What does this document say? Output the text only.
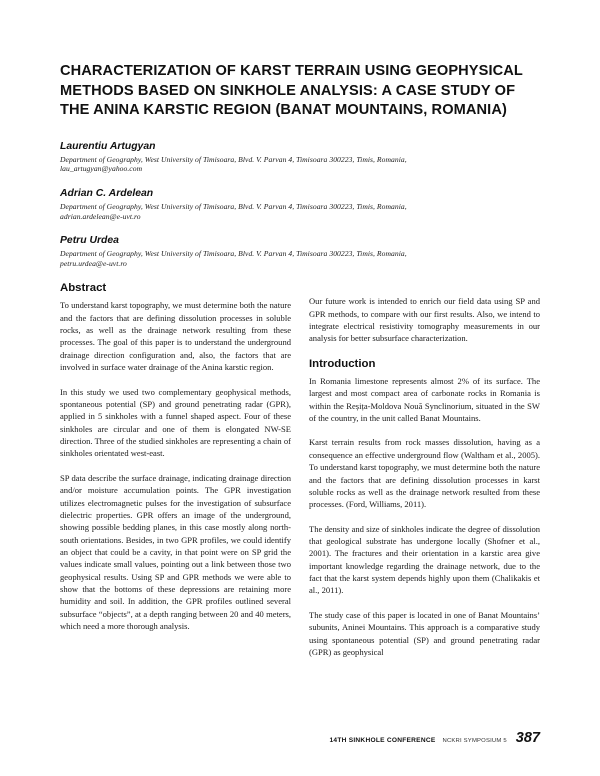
CHARACTERIZATION OF KARST TERRAIN USING GEOPHYSICAL METHODS BASED ON SINKHOLE ANALYSIS: A CASE STUDY OF THE ANINA KARSTIC REGION (BANAT MOUNTAINS, ROMANIA)
Laurentiu Artugyan
Department of Geography, West University of Timisoara, Blvd. V. Parvan 4, Timisoara 300223, Timis, Romania,
lau_artugyan@yahoo.com
Adrian C. Ardelean
Department of Geography, West University of Timisoara, Blvd. V. Parvan 4, Timisoara 300223, Timis, Romania,
adrian.ardelean@e-uvt.ro
Petru Urdea
Department of Geography, West University of Timisoara, Blvd. V. Parvan 4, Timisoara 300223, Timis, Romania,
petru.urdea@e-uvt.ro
Abstract

To understand karst topography, we must determine both the nature and the factors that are defining dissolution processes in soluble rocks, as well as the drainage network resulting from these processes. The goal of this paper is to understand the underground drainage direction configuration and, also, the factors that are involved in surface water drainage of the Anina karstic region.

In this study we used two complementary geophysical methods, spontaneous potential (SP) and ground penetrating radar (GPR), applied in 5 sinkholes with a funnel shaped aspect. Four of these sinkholes are circular and one of them is elongated NW-SE direction. Three of the studied sinkholes are representing a chain of sinkholes orientated west-east.

SP data describe the surface drainage, indicating drainage direction and/or moisture accumulation points. The GPR investigation utilizes electromagnetic pulses for the investigation of subsurface dielectric properties. GPR offers an image of the underground, showing possible bedding planes, in this case mostly along north-south orientations. Besides, in two GPR profiles, we could identify an object that could be a cavity, in that point were on SP grid the values indicate small values, pointing out a link between those two geophysical results. Using SP and GPR methods we were able to show that the bottoms of these depressions are retaining more humidity and soil. In addition, the GPR profiles outlined several subsurface “objects”, at a depth ranging between 20 and 40 meters, which need a more thorough analysis.

Our future work is intended to enrich our field data using SP and GPR methods, to compare with our first results. Also, we intend to integrate electrical resistivity tomography measurements in our analysis for better subsurface characterization.

Introduction

In Romania limestone represents almost 2% of its surface. The largest and most compact area of carbonate rocks in Romania is within the Reșița-Moldova Nouă Synclinorium, situated in the SW of the country, in the unit called Banat Mountains.

Karst terrain results from rock masses dissolution, having as a consequence an effective underground flow (Waltham et al., 2005). To understand karst topography, we must determine both the nature and the factors that are defining dissolution processes in karst soluble rocks as well as the drainage network resulted from these processes. (Ford, Williams, 2011).

The density and size of sinkholes indicate the degree of dissolution that geological substrate has undergone locally (Shofner et al., 2001). The fractures and their orientation in a karstic area give important knowledge regarding the drainage network, due to the fact that the karst system depends highly upon them (Chalikakis et al., 2011).

The study case of this paper is located in one of Banat Mountains’ subunits, Aninei Mountains. This approach is a comparative study using spontaneous potential (SP) and ground penetrating radar (GPR) as geophysical

14TH SINKHOLE CONFERENCE NCKRI SYMPOSIUM 5 387
